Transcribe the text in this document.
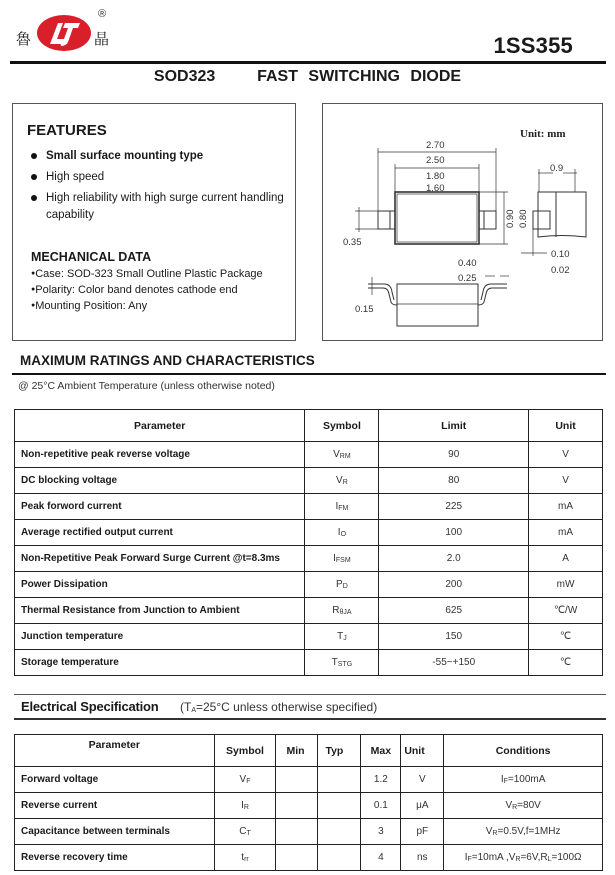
魯
®
晶	1SS355
SOD323    FAST SWITCHING DIODE
FEATURES
Small surface mounting type
High speed
High reliability with high surge current handling capability
MECHANICAL DATA
● Case: SOD-323 Small Outline Plastic Package
● Polarity: Color band denotes cathode end
● Mounting Position: Any
Unit: mm
2.70
2.50
1.80
1.60
0.90 0.80
0.35
0.9
0.10
0.02
0.40
0.25
0.15
MAXIMUM RATINGS AND CHARACTERISTICS
@ 25°C Ambient Temperature (unless otherwise noted)
Parameter	Symbol	Limit	Unit
Non-repetitive peak reverse voltage	$V_{RM}$	90	V
DC blocking voltage	$V_R$	80	V
Peak forword current	$I_{FM}$	225	mA
Average rectified output current	$I_O$	100	mA
Non-Repetitive Peak Forward Surge Current @t=8.3ms	$I_{FSM}$	2.0	A
Power Dissipation	$P_D$	200	mW
Thermal Resistance from Junction to Ambient	$R_{\theta JA}$	625	℃/W
Junction temperature	$T_J$	150	℃
Storage temperature	$T_{STG}$	-55~+150	℃
Electrical Specification ($T_A=25^\circ C$ unless otherwise specified)
Parameter	Symbol	Min	Typ	Max	Unit	Conditions
Forward voltage	$V_F$			1.2	V	$I_F=100mA$
Reverse current	$I_R$			0.1	μA	$V_R=80V$
Capacitance between terminals	$C_T$			3	pF	$V_R=0.5V,f=1MHz$
Reverse recovery time	$t_{rr}$			4	ns	$I_F=10mA$ $,V_R=6V,R_L=100\Omega$
